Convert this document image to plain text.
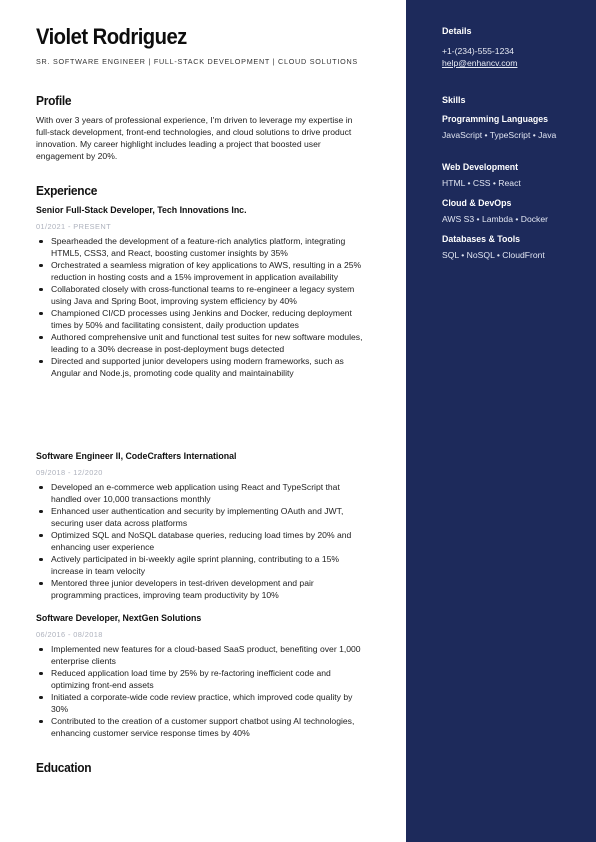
Violet Rodriguez
SR. SOFTWARE ENGINEER | FULL-STACK DEVELOPMENT | CLOUD SOLUTIONS
Profile
With over 3 years of professional experience, I'm driven to leverage my expertise in full-stack development, front-end technologies, and cloud solutions to drive product innovation. My career highlight includes leading a project that boosted user engagement by 20%.
Experience
Senior Full-Stack Developer, Tech Innovations Inc.
01/2021 - PRESENT
Spearheaded the development of a feature-rich analytics platform, integrating HTML5, CSS3, and React, boosting customer insights by 35%
Orchestrated a seamless migration of key applications to AWS, resulting in a 25% reduction in hosting costs and a 15% improvement in application availability
Collaborated closely with cross-functional teams to re-engineer a legacy system using Java and Spring Boot, improving system efficiency by 40%
Championed CI/CD processes using Jenkins and Docker, reducing deployment times by 50% and facilitating consistent, daily production updates
Authored comprehensive unit and functional test suites for new software modules, leading to a 30% decrease in post-deployment bugs detected
Directed and supported junior developers using modern frameworks, such as Angular and Node.js, promoting code quality and maintainability
Software Engineer II, CodeCrafters International
09/2018 - 12/2020
Developed an e-commerce web application using React and TypeScript that handled over 10,000 transactions monthly
Enhanced user authentication and security by implementing OAuth and JWT, securing user data across platforms
Optimized SQL and NoSQL database queries, reducing load times by 20% and enhancing user experience
Actively participated in bi-weekly agile sprint planning, contributing to a 15% increase in team velocity
Mentored three junior developers in test-driven development and pair programming practices, improving team productivity by 10%
Software Developer, NextGen Solutions
06/2016 - 08/2018
Implemented new features for a cloud-based SaaS product, benefiting over 1,000 enterprise clients
Reduced application load time by 25% by re-factoring inefficient code and optimizing front-end assets
Initiated a corporate-wide code review practice, which improved code quality by 30%
Contributed to the creation of a customer support chatbot using AI technologies, enhancing customer service response times by 40%
Education
Details
+1-(234)-555-1234
help@enhancv.com
Skills
Programming Languages
JavaScript • TypeScript • Java
Web Development
HTML • CSS • React
Cloud & DevOps
AWS S3 • Lambda • Docker
Databases & Tools
SQL • NoSQL • CloudFront
